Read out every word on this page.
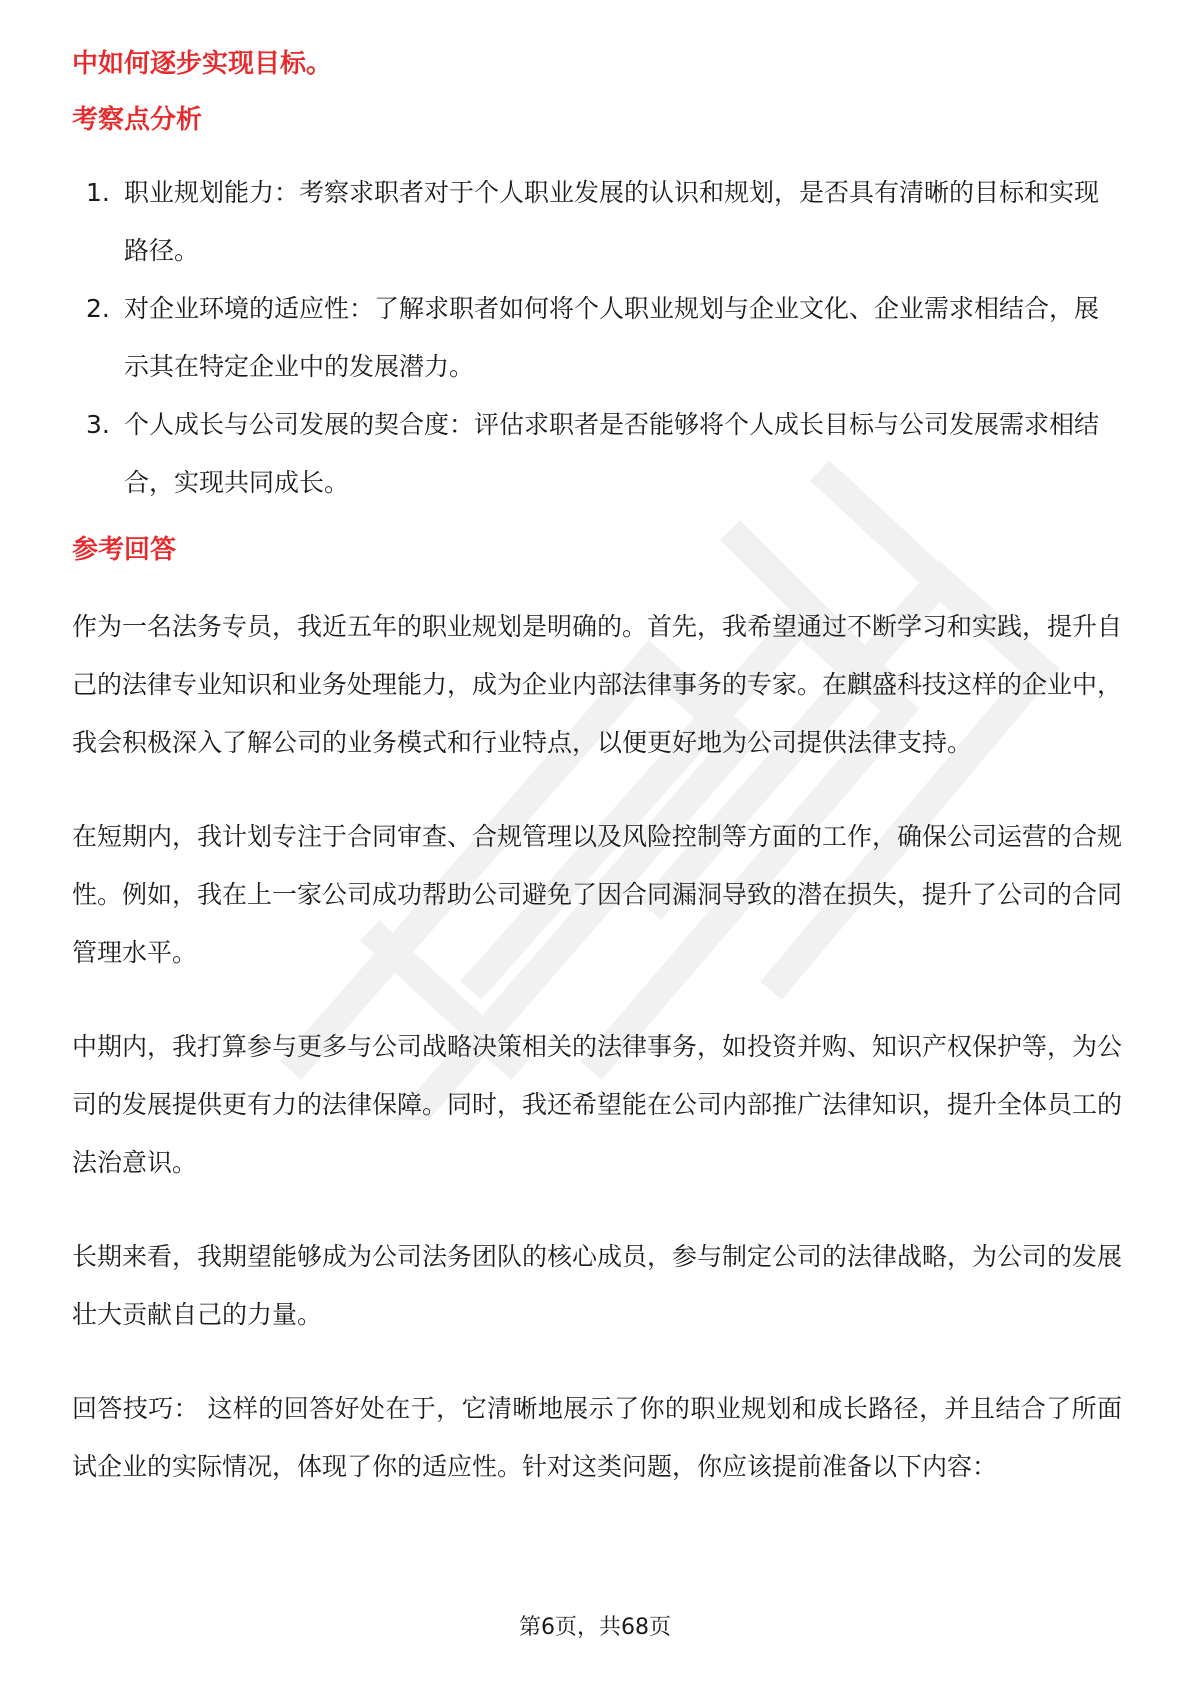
中如何逐步实现目标。

考察点分析
1. 职业规划能力：考察求职者对于个人职业发展的认识和规划，是否具有清晰的目标和实现路径。
2. 对企业环境的适应性：了解求职者如何将个人职业规划与企业文化、企业需求相结合，展示其在特定企业中的发展潜力。
3. 个人成长与公司发展的契合度：评估求职者是否能够将个人成长目标与公司发展需求相结合，实现共同成长。
参考回答

作为一名法务专员，我近五年的职业规划是明确的。首先，我希望通过不断学习和实践，提升自己的法律专业知识和业务处理能力，成为企业内部法律事务的专家。在麒盛科技这样的企业中，我会积极深入了解公司的业务模式和行业特点，以便更好地为公司提供法律支持。

在短期内，我计划专注于合同审查、合规管理以及风险控制等方面的工作，确保公司运营的合规性。例如，我在上一家公司成功帮助公司避免了因合同漏洞导致的潜在损失，提升了公司的合同管理水平。

中期内，我打算参与更多与公司战略决策相关的法律事务，如投资并购、知识产权保护等，为公司的发展提供更有力的法律保障。同时，我还希望能在公司内部推广法律知识，提升全体员工的法治意识。

长期来看，我期望能够成为公司法务团队的核心成员，参与制定公司的法律战略，为公司的发展壮大贡献自己的力量。

回答技巧： 这样的回答好处在于，它清晰地展示了你的职业规划和成长路径，并且结合了所面试企业的实际情况，体现了你的适应性。针对这类问题，你应该提前准备以下内容：

第6页，共68页
